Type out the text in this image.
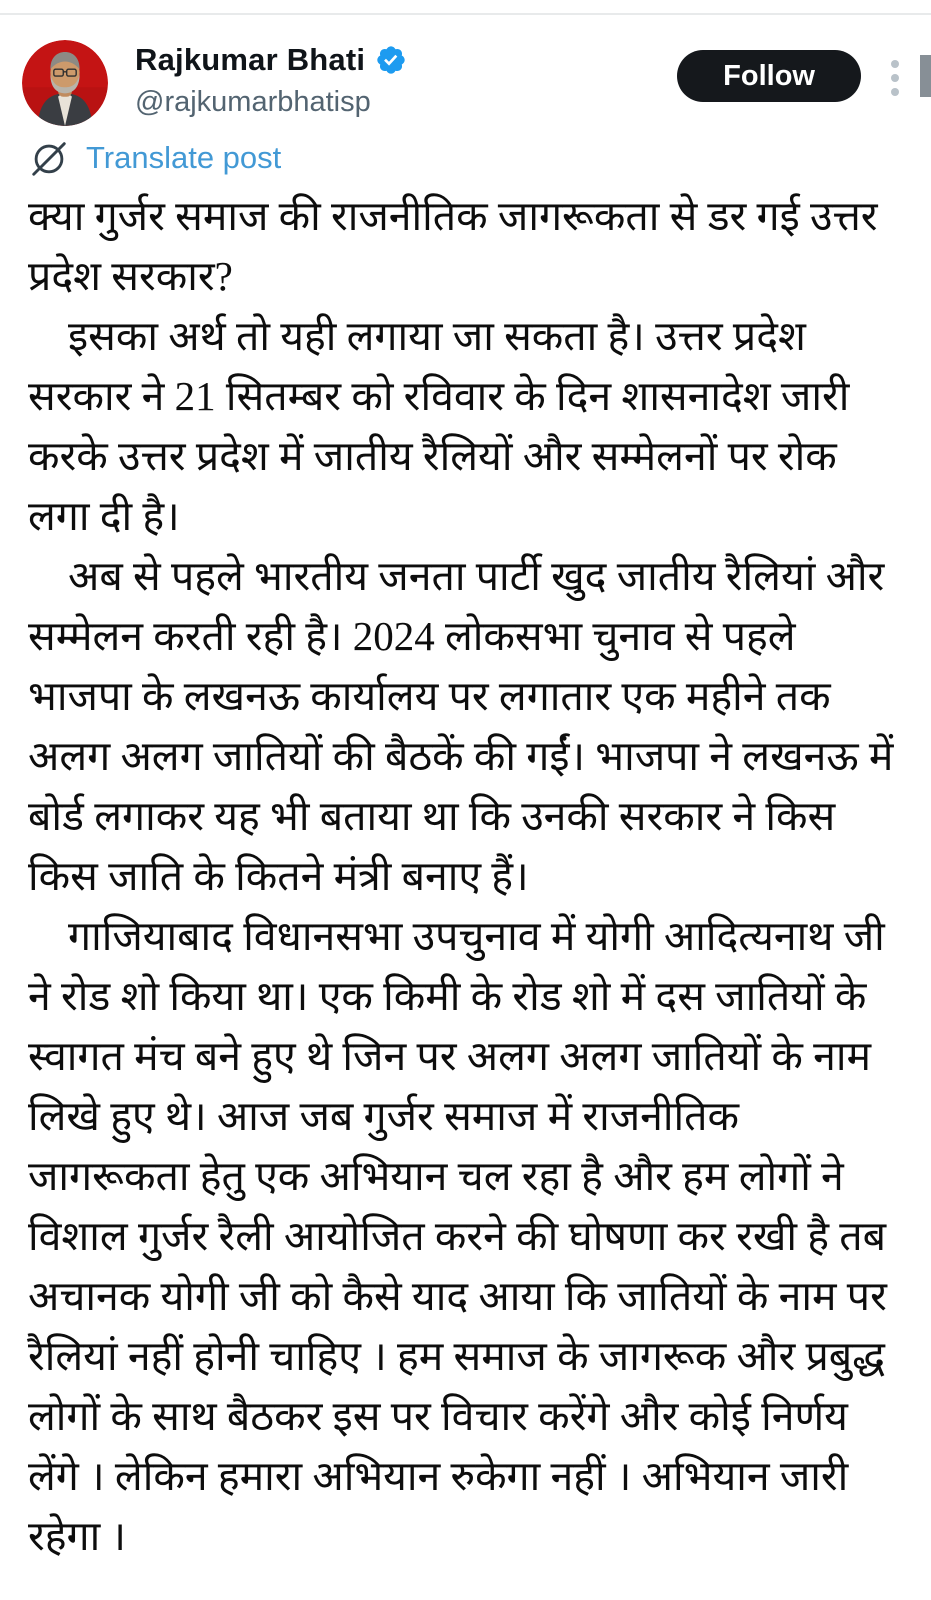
Rajkumar Bhati
@rajkumarbhatisp
Follow
Translate post

क्या गुर्जर समाज की राजनीतिक जागरूकता से डर गई उत्तर प्रदेश सरकार?

इसका अर्थ तो यही लगाया जा सकता है। उत्तर प्रदेश सरकार ने 21 सितम्बर को रविवार के दिन शासनादेश जारी करके उत्तर प्रदेश में जातीय रैलियों और सम्मेलनों पर रोक लगा दी है।

अब से पहले भारतीय जनता पार्टी खुद जातीय रैलियां और सम्मेलन करती रही है। 2024 लोकसभा चुनाव से पहले भाजपा के लखनऊ कार्यालय पर लगातार एक महीने तक अलग अलग जातियों की बैठकें की गईं। भाजपा ने लखनऊ में बोर्ड लगाकर यह भी बताया था कि उनकी सरकार ने किस किस जाति के कितने मंत्री बनाए हैं।

गाजियाबाद विधानसभा उपचुनाव में योगी आदित्यनाथ जी ने रोड शो किया था। एक किमी के रोड शो में दस जातियों के स्वागत मंच बने हुए थे जिन पर अलग अलग जातियों के नाम लिखे हुए थे। आज जब गुर्जर समाज में राजनीतिक जागरूकता हेतु एक अभियान चल रहा है और हम लोगों ने विशाल गुर्जर रैली आयोजित करने की घोषणा कर रखी है तब अचानक योगी जी को कैसे याद आया कि जातियों के नाम पर रैलियां नहीं होनी चाहिए । हम समाज के जागरूक और प्रबुद्ध लोगों के साथ बैठकर इस पर विचार करेंगे और कोई निर्णय लेंगे । लेकिन हमारा अभियान रुकेगा नहीं । अभियान जारी रहेगा ।
